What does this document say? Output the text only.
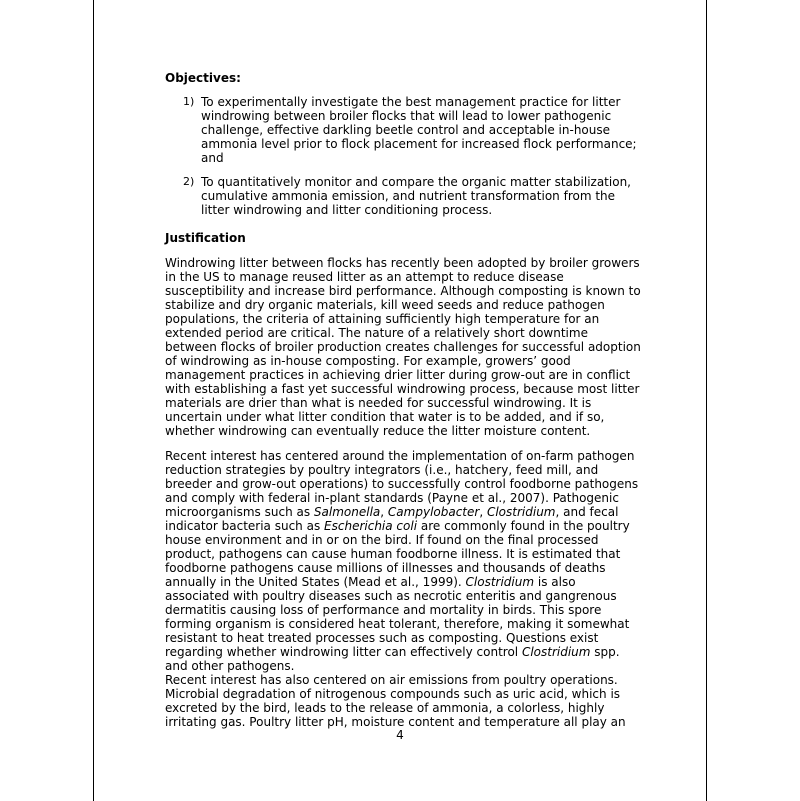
Objectives:
1) To experimentally investigate the best management practice for litter windrowing between broiler flocks that will lead to lower pathogenic challenge, effective darkling beetle control and acceptable in-house ammonia level prior to flock placement for increased flock performance; and
2) To quantitatively monitor and compare the organic matter stabilization, cumulative ammonia emission, and nutrient transformation from the litter windrowing and litter conditioning process.
Justification

Windrowing litter between flocks has recently been adopted by broiler growers in the US to manage reused litter as an attempt to reduce disease susceptibility and increase bird performance. Although composting is known to stabilize and dry organic materials, kill weed seeds and reduce pathogen populations, the criteria of attaining sufficiently high temperature for an extended period are critical. The nature of a relatively short downtime between flocks of broiler production creates challenges for successful adoption of windrowing as in-house composting. For example, growers’ good management practices in achieving drier litter during grow-out are in conflict with establishing a fast yet successful windrowing process, because most litter materials are drier than what is needed for successful windrowing. It is uncertain under what litter condition that water is to be added, and if so, whether windrowing can eventually reduce the litter moisture content.

Recent interest has centered around the implementation of on-farm pathogen reduction strategies by poultry integrators (i.e., hatchery, feed mill, and breeder and grow-out operations) to successfully control foodborne pathogens and comply with federal in-plant standards (Payne et al., 2007). Pathogenic microorganisms such as Salmonella, Campylobacter, Clostridium, and fecal indicator bacteria such as Escherichia coli are commonly found in the poultry house environment and in or on the bird. If found on the final processed product, pathogens can cause human foodborne illness. It is estimated that foodborne pathogens cause millions of illnesses and thousands of deaths annually in the United States (Mead et al., 1999). Clostridium is also associated with poultry diseases such as necrotic enteritis and gangrenous dermatitis causing loss of performance and mortality in birds. This spore forming organism is considered heat tolerant, therefore, making it somewhat resistant to heat treated processes such as composting. Questions exist regarding whether windrowing litter can effectively control Clostridium spp. and other pathogens.

Recent interest has also centered on air emissions from poultry operations. Microbial degradation of nitrogenous compounds such as uric acid, which is excreted by the bird, leads to the release of ammonia, a colorless, highly irritating gas. Poultry litter pH, moisture content and temperature all play an

4
